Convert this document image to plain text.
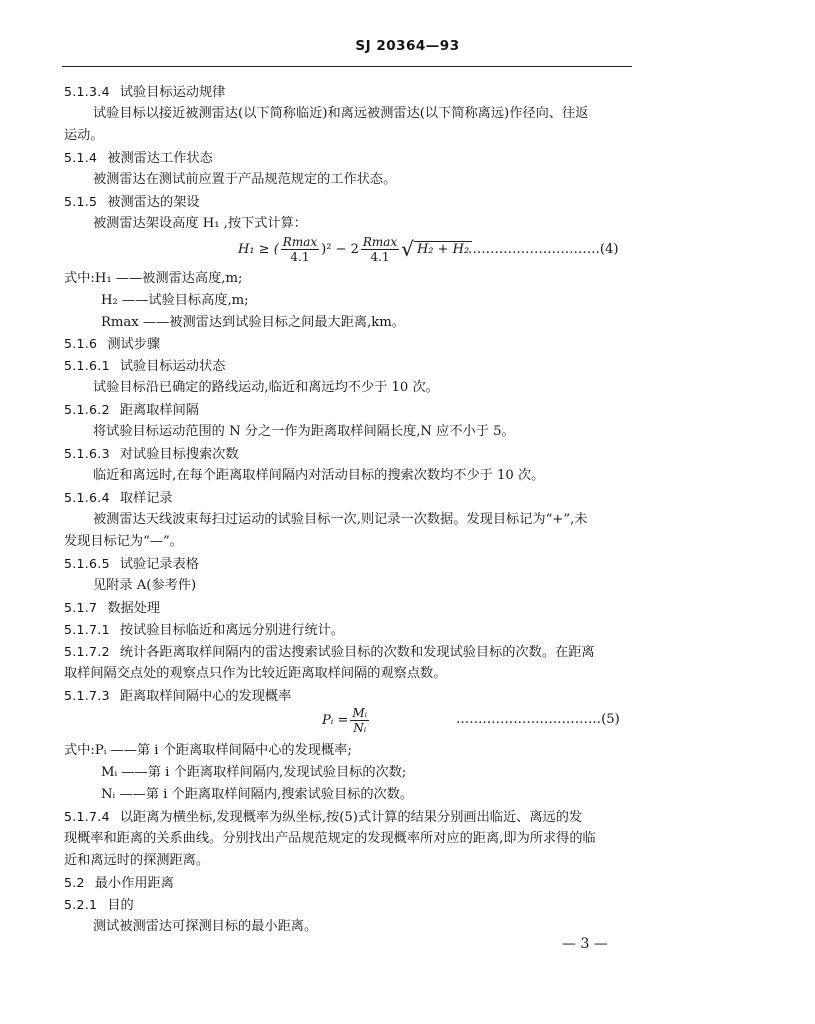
SJ 20364—93
5.1.3.4 试验目标运动规律
试验目标以接近被测雷达(以下简称临近)和离远被测雷达(以下简称离远)作径向、往返
运动。
5.1.4 被测雷达工作状态
被测雷达在测试前应置于产品规范规定的工作状态。
5.1.5 被测雷达的架设
被测雷达架设高度 H₁ ,按下式计算：
H₁ ≥ ( $\frac{Rmax}{4.1} )^2 - 2 \frac{Rmax}{4.1}$ √ H₂ + H₂
…………………………(4)
式中:H₁ ——被测雷达高度,m;
H₂ ——试验目标高度,m;
Rmax ——被测雷达到试验目标之间最大距离,km。
5.1.6 测试步骤
5.1.6.1 试验目标运动状态
试验目标沿已确定的路线运动,临近和离远均不少于 10 次。
5.1.6.2 距离取样间隔
将试验目标运动范围的 N 分之一作为距离取样间隔长度,N 应不小于 5。
5.1.6.3 对试验目标搜索次数
临近和离远时,在每个距离取样间隔内对活动目标的搜索次数均不少于 10 次。
5.1.6.4 取样记录
被测雷达天线波束每扫过运动的试验目标一次,则记录一次数据。发现目标记为“+”,未
发现目标记为“—”。
5.1.6.5 试验记录表格
见附录 A(参考件)
5.1.7 数据处理
5.1.7.1 按试验目标临近和离远分别进行统计。
5.1.7.2 统计各距离取样间隔内的雷达搜索试验目标的次数和发现试验目标的次数。在距离
取样间隔交点处的观察点只作为比较近距离取样间隔的观察点数。
5.1.7.3 距离取样间隔中心的发现概率
Pᵢ = $\frac{\text{Mᵢ}}{\text{Nᵢ}}$	……………………………(5)
式中:Pᵢ ——第 i 个距离取样间隔中心的发现概率;
Mᵢ ——第 i 个距离取样间隔内,发现试验目标的次数;
Nᵢ ——第 i 个距离取样间隔内,搜索试验目标的次数。
5.1.7.4 以距离为横坐标,发现概率为纵坐标,按(5)式计算的结果分别画出临近、离远的发
现概率和距离的关系曲线。分别找出产品规范规定的发现概率所对应的距离,即为所求得的临
近和离远时的探测距离。
5.2 最小作用距离
5.2.1 目的
测试被测雷达可探测目标的最小距离。
— 3 —
